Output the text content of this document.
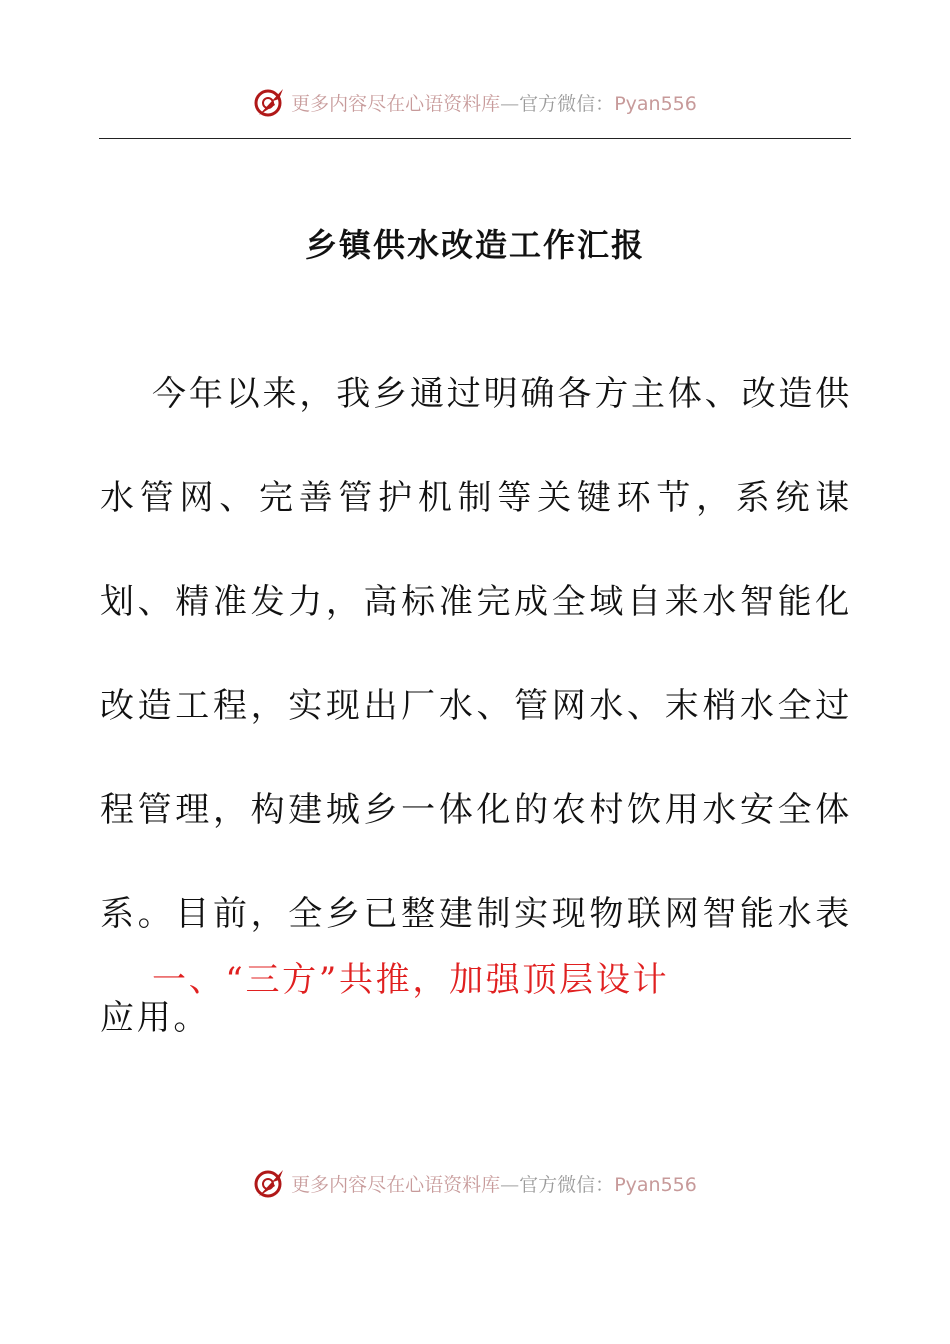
更多内容尽在心语资料库—官方微信：Pyan556
乡镇供水改造工作汇报

今年以来，我乡通过明确各方主体、改造供水管网、完善管护机制等关键环节，系统谋划、精准发力，高标准完成全域自来水智能化改造工程，实现出厂水、管网水、末梢水全过程管理，构建城乡一体化的农村饮用水安全体系。目前，全乡已整建制实现物联网智能水表应用。

一、“三方”共推，加强顶层设计
更多内容尽在心语资料库—官方微信：Pyan556
